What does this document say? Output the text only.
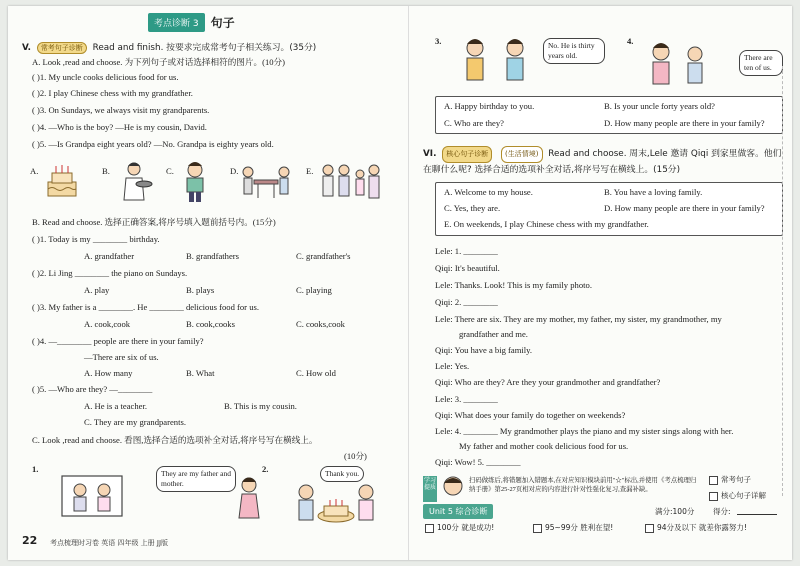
考点诊断 3	句子
V. 常考句子诊断 Read and finish. 按要求完成常考句子相关练习。(35分)
A. Look ,read and choose. 为下列句子或对话选择相符的图片。(10分)
( )1. My uncle cooks delicious food for us.
( )2. I play Chinese chess with my grandfather.
( )3. On Sundays, we always visit my grandparents.
( )4. —Who is the boy? —He is my cousin, David.
( )5. —Is Grandpa eight years old? —No. Grandpa is eighty years old.
A.	B.	C.	D.	E.
B. Read and choose. 选择正确答案,将序号填入题前括号内。(15分)
( )1. Today is my ________ birthday.
A. grandfather	B. grandfathers	C. grandfather's
( )2. Li Jing ________ the piano on Sundays.
A. play	B. plays	C. playing
( )3. My father is a ________. He ________ delicious food for us.
A. cook,cook	B. cook,cooks	C. cooks,cook
( )4. —________ people are there in your family?
—There are six of us.
A. How many	B. What	C. How old
( )5. —Who are they? —________
A. He is a teacher.	B. This is my cousin.
C. They are my grandparents.
C. Look ,read and choose. 看图,选择合适的选项补全对话,将序号写在横线上。
(10分)
1.	They are my father and mother.
2.	Thank you.
22 考点梳理时习卷 英语 四年级 上册 JJ版
3.	No. He is thirty years old.
4.
There are ten of us.
A. Happy birthday to you.	B. Is your uncle forty years old?
C. Who are they?	D. How many people are there in your family?
VI. 核心句子诊断 (生活情境) Read and choose. 周末,Lele 邀请 Qiqi 到家里做客。他们在聊什么呢? 选择合适的选项补全对话,将序号写在横线上。(15分)
A. Welcome to my house.	B. You have a loving family.
C. Yes, they are.	D. How many people are there in your family?
E. On weekends, I play Chinese chess with my grandfather.
Lele: 1. ________
Qiqi: It's beautiful.
Lele: Thanks. Look! This is my family photo.
Qiqi: 2. ________
Lele: There are six. They are my mother, my father, my sister, my grandmother, my
grandfather and me.
Qiqi: You have a big family.
Lele: Yes.
Qiqi: Who are they? Are they your grandmother and grandfather?
Lele: 3. ________
Qiqi: What does your family do together on weekends?
Lele: 4. ________ My grandmother plays the piano and my sister sings along with her.
My father and mother cook delicious food for us.
Qiqi: Wow! 5. ________
学习提质
扫码做练后,将错题加入错题本,在对应知识模块前用"☆"标出,并使用《考点梳理归纳手册》第25-27页相对应的内容进行针对性强化复习,查漏补缺。
常考句子
核心句子详解
Unit 5 综合诊断	满分:100分 得分:
100分 就是成功!	95~99分 胜利在望!	94分及以下 就差你露努力!
